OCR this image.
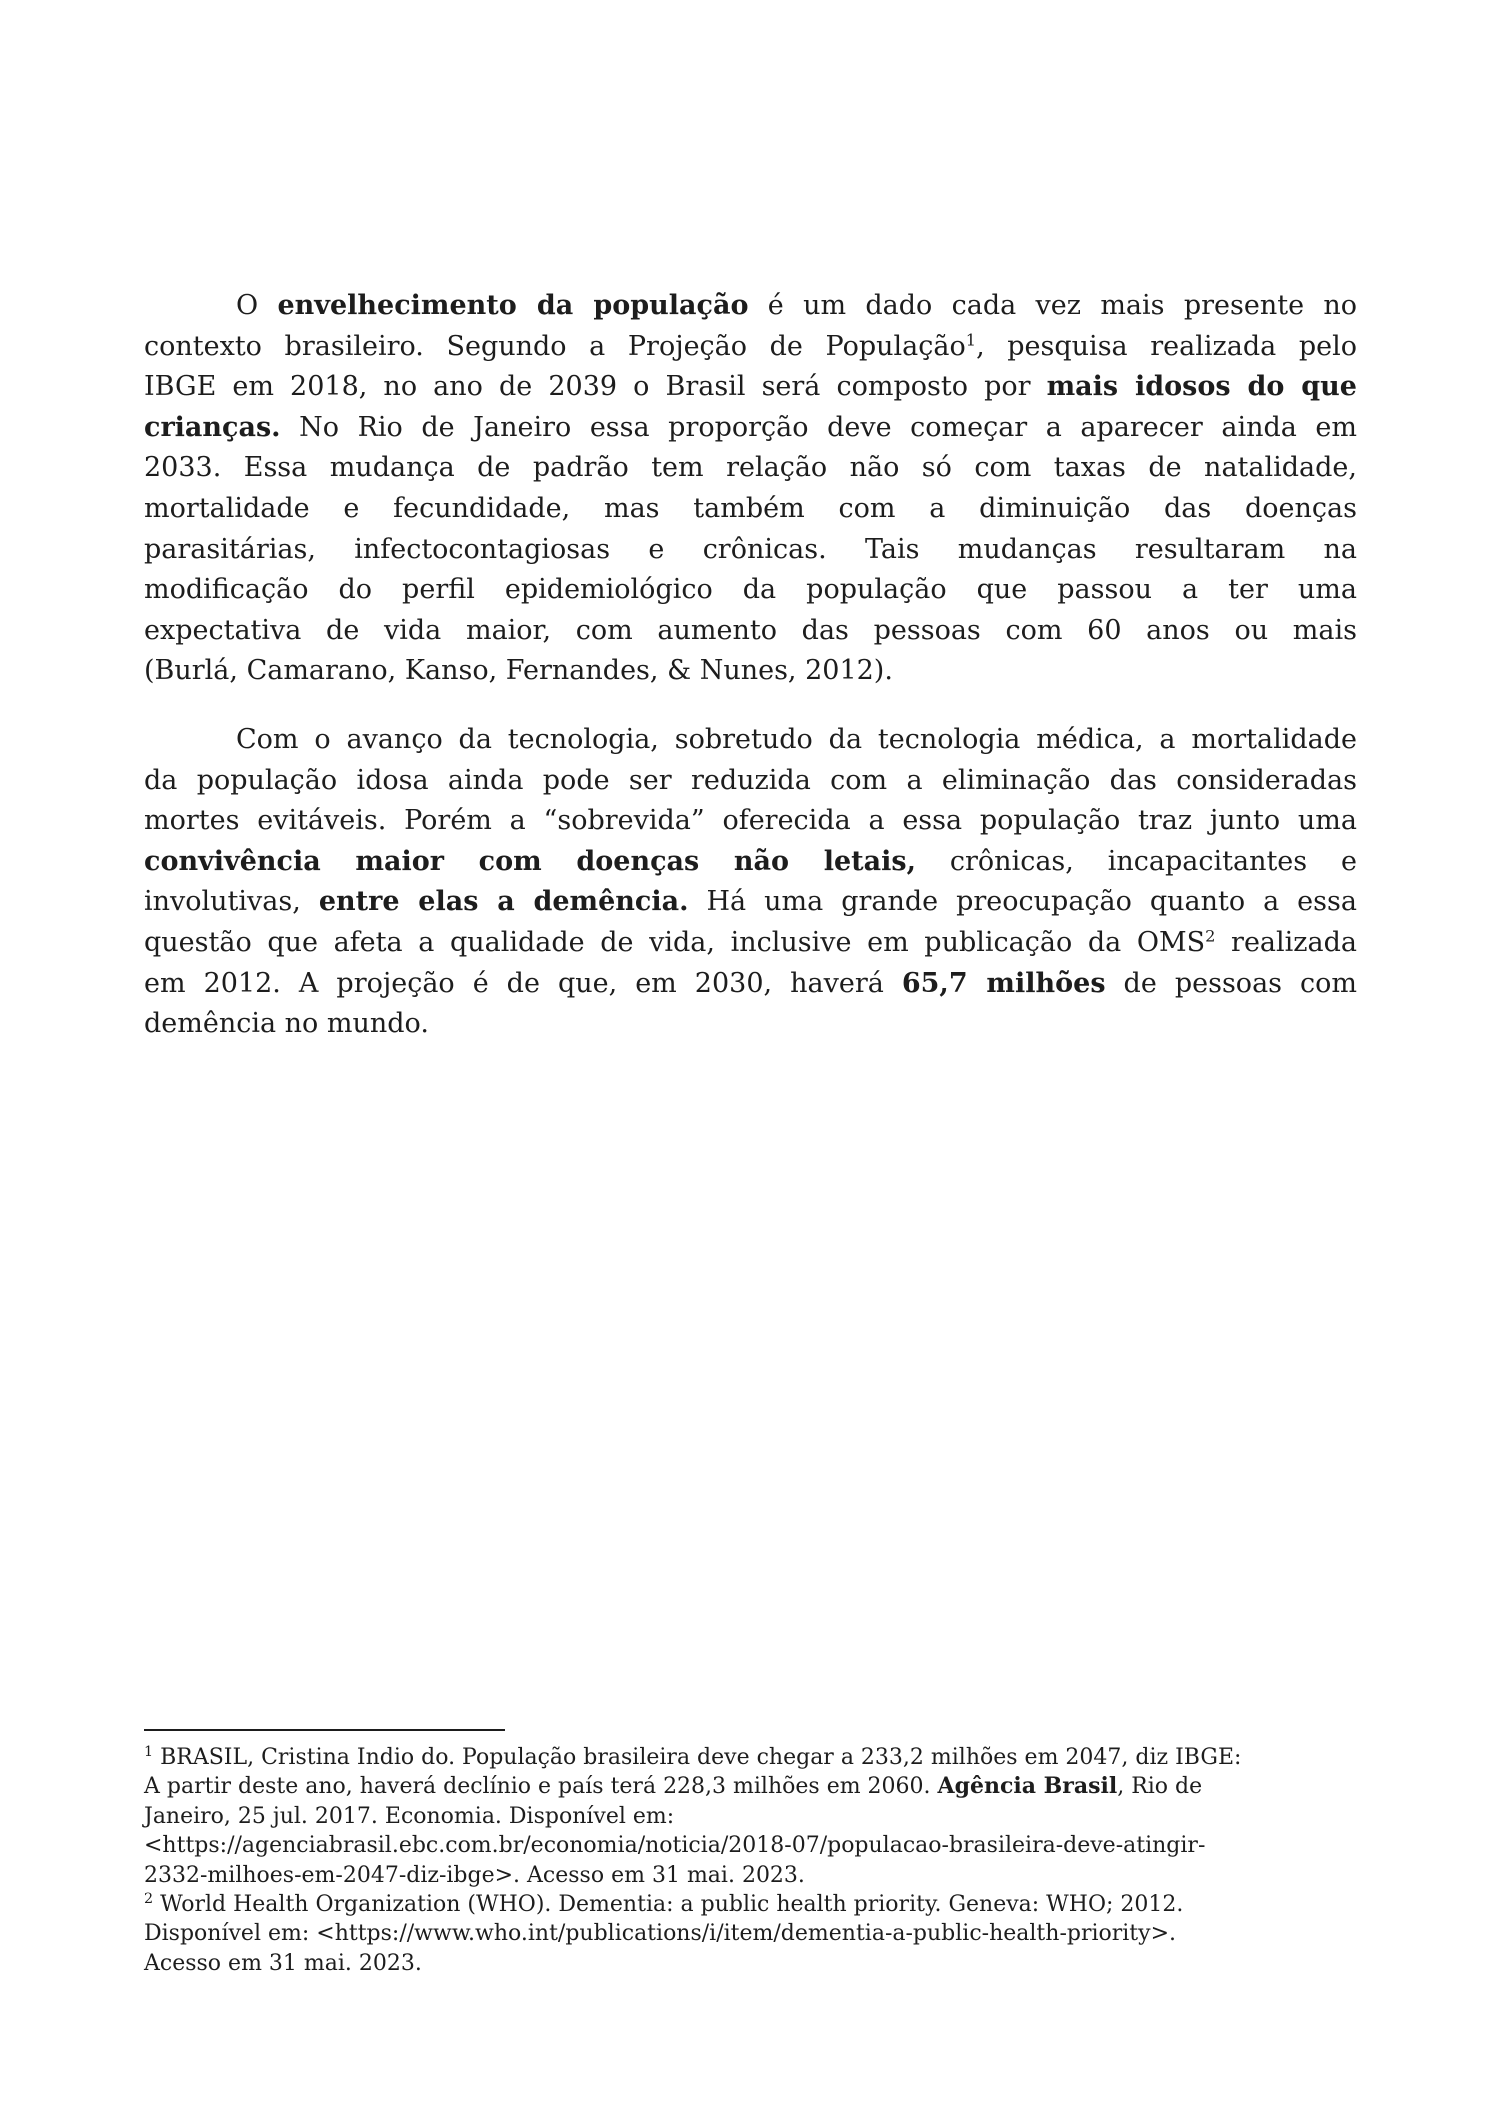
O envelhecimento da população é um dado cada vez mais presente no
contexto brasileiro. Segundo a Projeção de População$^1$, pesquisa realizada pelo
IBGE em 2018, no ano de 2039 o Brasil será composto por mais idosos do que
crianças. No Rio de Janeiro essa proporção deve começar a aparecer ainda em
2033. Essa mudança de padrão tem relação não só com taxas de natalidade,
mortalidade e fecundidade, mas também com a diminuição das doenças
parasitárias, infectocontagiosas e crônicas. Tais mudanças resultaram na
modificação do perfil epidemiológico da população que passou a ter uma
expectativa de vida maior, com aumento das pessoas com 60 anos ou mais
(Burlá, Camarano, Kanso, Fernandes, & Nunes, 2012).
Com o avanço da tecnologia, sobretudo da tecnologia médica, a mortalidade
da população idosa ainda pode ser reduzida com a eliminação das consideradas
mortes evitáveis. Porém a “sobrevida” oferecida a essa população traz junto uma
convivência maior com doenças não letais, crônicas, incapacitantes e
involutivas, entre elas a demência. Há uma grande preocupação quanto a essa
questão que afeta a qualidade de vida, inclusive em publicação da OMS$^2$ realizada
em 2012. A projeção é de que, em 2030, haverá 65,7 milhões de pessoas com
demência no mundo.
$^1$ BRASIL, Cristina Indio do. População brasileira deve chegar a 233,2 milhões em 2047, diz IBGE:
A partir deste ano, haverá declínio e país terá 228,3 milhões em 2060. Agência Brasil, Rio de
Janeiro, 25 jul. 2017. Economia. Disponível em:
<https://agenciabrasil.ebc.com.br/economia/noticia/2018-07/populacao-brasileira-deve-atingir-
2332-milhoes-em-2047-diz-ibge>. Acesso em 31 mai. 2023.
$^2$ World Health Organization (WHO). Dementia: a public health priority. Geneva: WHO; 2012.
Disponível em: <https://www.who.int/publications/i/item/dementia-a-public-health-priority>.
Acesso em 31 mai. 2023.
